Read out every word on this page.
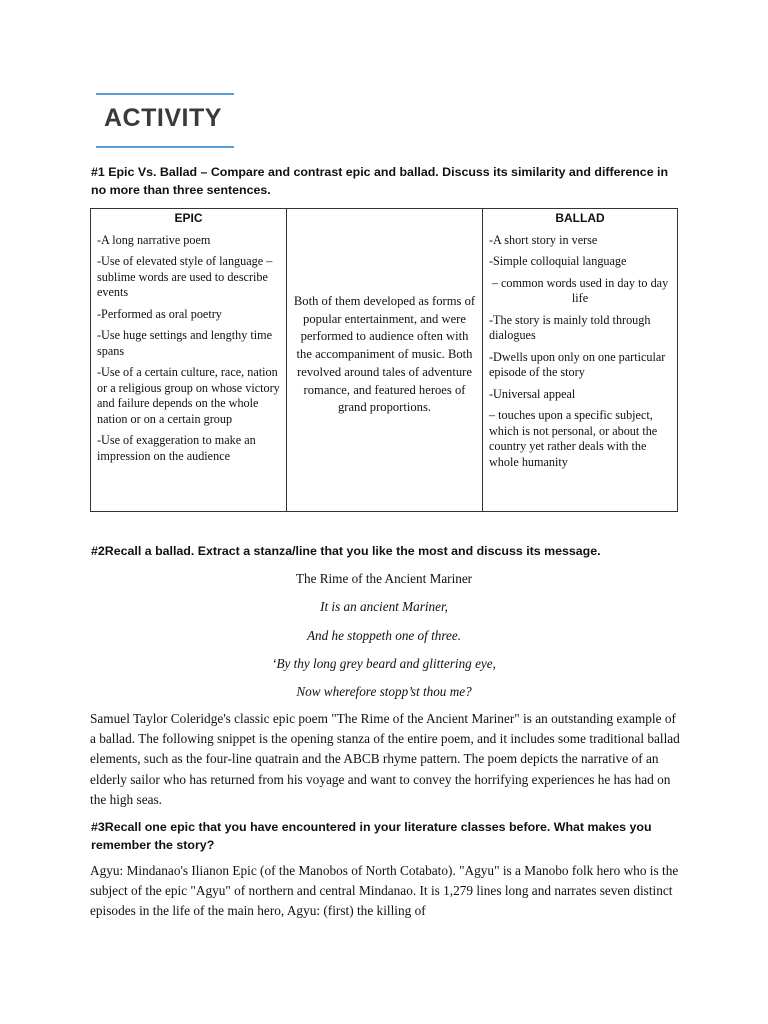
ACTIVITY
#1 Epic Vs. Ballad – Compare and contrast epic and ballad. Discuss its similarity and difference in no more than three sentences.
EPIC

-A long narrative poem

-Use of elevated style of language – sublime words are used to describe events

-Performed as oral poetry

-Use huge settings and lengthy time spans

-Use of a certain culture, race, nation or a religious group on whose victory and failure depends on the whole nation or on a certain group

-Use of exaggeration to make an impression on the audience

Both of them developed as forms of popular entertainment, and were performed to audience often with the accompaniment of music. Both revolved around tales of adventure romance, and featured heroes of grand proportions.
BALLAD

-A short story in verse

-Simple colloquial language

– common words used in day to day life

-The story is mainly told through dialogues

-Dwells upon only on one particular episode of the story

-Universal appeal

– touches upon a specific subject, which is not personal, or about the country yet rather deals with the whole humanity

#2Recall a ballad. Extract a stanza/line that you like the most and discuss its message.
The Rime of the Ancient Mariner
It is an ancient Mariner,
And he stoppeth one of three.
‘By thy long grey beard and glittering eye,
Now wherefore stopp’st thou me?

Samuel Taylor Coleridge's classic epic poem "The Rime of the Ancient Mariner" is an outstanding example of a ballad. The following snippet is the opening stanza of the entire poem, and it includes some traditional ballad elements, such as the four-line quatrain and the ABCB rhyme pattern. The poem depicts the narrative of an elderly sailor who has returned from his voyage and want to convey the horrifying experiences he has had on the high seas.

#3Recall one epic that you have encountered in your literature classes before. What makes you remember the story?

Agyu: Mindanao's Ilianon Epic (of the Manobos of North Cotabato). "Agyu" is a Manobo folk hero who is the subject of the epic "Agyu" of northern and central Mindanao. It is 1,279 lines long and narrates seven distinct episodes in the life of the main hero, Agyu: (first) the killing of
